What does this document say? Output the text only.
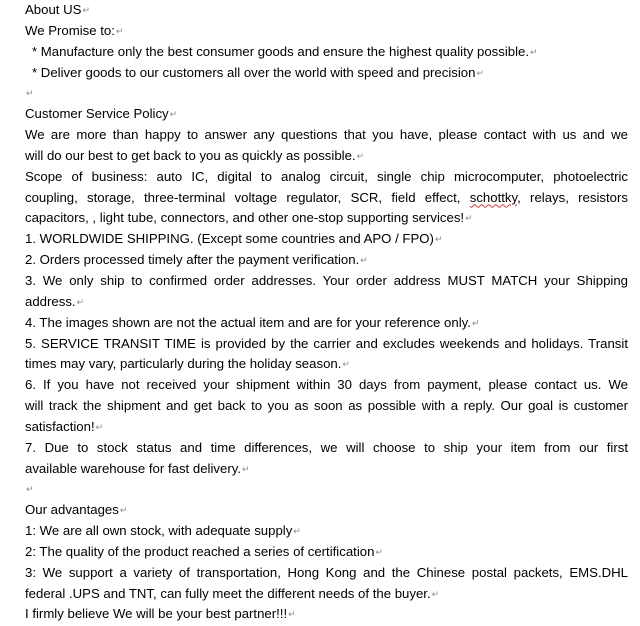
About US↵
We Promise to:↵
* Manufacture only the best consumer goods and ensure the highest quality possible.↵
* Deliver goods to our customers all over the world with speed and precision↵
↵
Customer Service Policy↵
We are more than happy to answer any questions that you have, please contact with us and we
will do our best to get back to you as quickly as possible.↵
Scope of business: auto IC, digital to analog circuit, single chip microcomputer, photoelectric
coupling, storage, three-terminal voltage regulator, SCR, field effect, schottky, relays, resistors
capacitors, , light tube, connectors, and other one-stop supporting services!↵
1. WORLDWIDE SHIPPING. (Except some countries and APO / FPO)↵
2. Orders processed timely after the payment verification.↵
3. We only ship to confirmed order addresses. Your order address MUST MATCH your Shipping
address.↵
4. The images shown are not the actual item and are for your reference only.↵
5. SERVICE TRANSIT TIME is provided by the carrier and excludes weekends and holidays. Transit
times may vary, particularly during the holiday season.↵
6. If you have not received your shipment within 30 days from payment, please contact us. We
will track the shipment and get back to you as soon as possible with a reply. Our goal is customer
satisfaction!↵
7. Due to stock status and time differences, we will choose to ship your item from our first
available warehouse for fast delivery.↵
↵
Our advantages↵
1: We are all own stock, with adequate supply↵
2: The quality of the product reached a series of certification↵
3: We support a variety of transportation, Hong Kong and the Chinese postal packets, EMS.DHL
federal .UPS and TNT, can fully meet the different needs of the buyer.↵
I firmly believe We will be your best partner!!!↵
